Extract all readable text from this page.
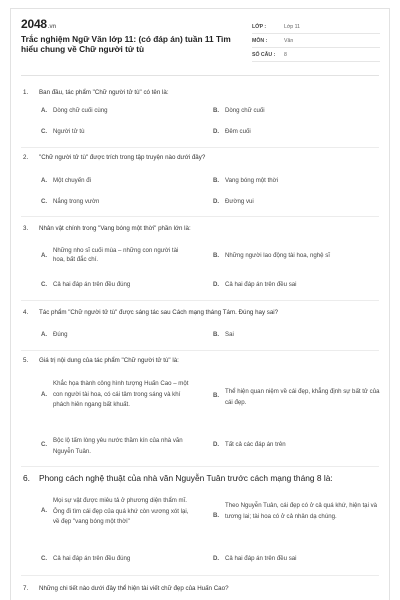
2048.vn
Trắc nghiệm Ngữ Văn lớp 11: (có đáp án) tuần 11 Tìm hiểu chung về Chữ người tử tù
LỚP :	Lớp 11
MÔN :	Văn
SỐ CÂU :	8
1. Ban đầu, tác phẩm "Chữ người tử tù" có tên là:
A. Dòng chữ cuối cùng	B. Dòng chữ cuối
C. Người tử tù	D. Đêm cuối
2. "Chữ người tử tù" được trích trong tập truyện nào dưới đây?
A. Một chuyến đi	B. Vang bóng một thời
C. Nắng trong vườn	D. Đường vui
3. Nhân vật chính trong "Vang bóng một thời" phần lớn là:
A.
Những nho sĩ cuối mùa – những con người tài hoa, bất đắc chí.	B. Những người lao động tài hoa, nghệ sĩ
C. Cả hai đáp án trên đều đúng	D. Cả hai đáp án trên đều sai
4. Tác phẩm "Chữ người tử tù" được sáng tác sau Cách mạng tháng Tám. Đúng hay sai?
A. Đúng	B. Sai
5. Giá trị nội dung của tác phẩm "Chữ người tử tù" là:
A.
Khắc họa thành công hình tượng Huấn Cao – một con người tài hoa, có cái tâm trong sáng và khí phách hiên ngang bất khuất.
B.
Thể hiện quan niệm về cái đẹp, khẳng định sự bất tử của cái đẹp.
C.
Bộc lộ tấm lòng yêu nước thầm kín của nhà văn Nguyễn Tuân.
D. Tất cả các đáp án trên
6. Phong cách nghệ thuật của nhà văn Nguyễn Tuân trước cách mạng tháng 8 là:
A.
Mọi sự vật được miêu tả ở phương diện thẩm mĩ. Ông đi tìm cái đẹp của quá khứ còn vương xót lại, về đẹp "vang bóng một thời"
B.
Theo Nguyễn Tuân, cái đẹp có ở cả quá khứ, hiện tại và tương lai; tài hoa có ở cả nhân dạ chúng.
C. Cả hai đáp án trên đều đúng	D. Cả hai đáp án trên đều sai
7. Những chi tiết nào dưới đây thể hiện tài viết chữ đẹp của Huấn Cao?
